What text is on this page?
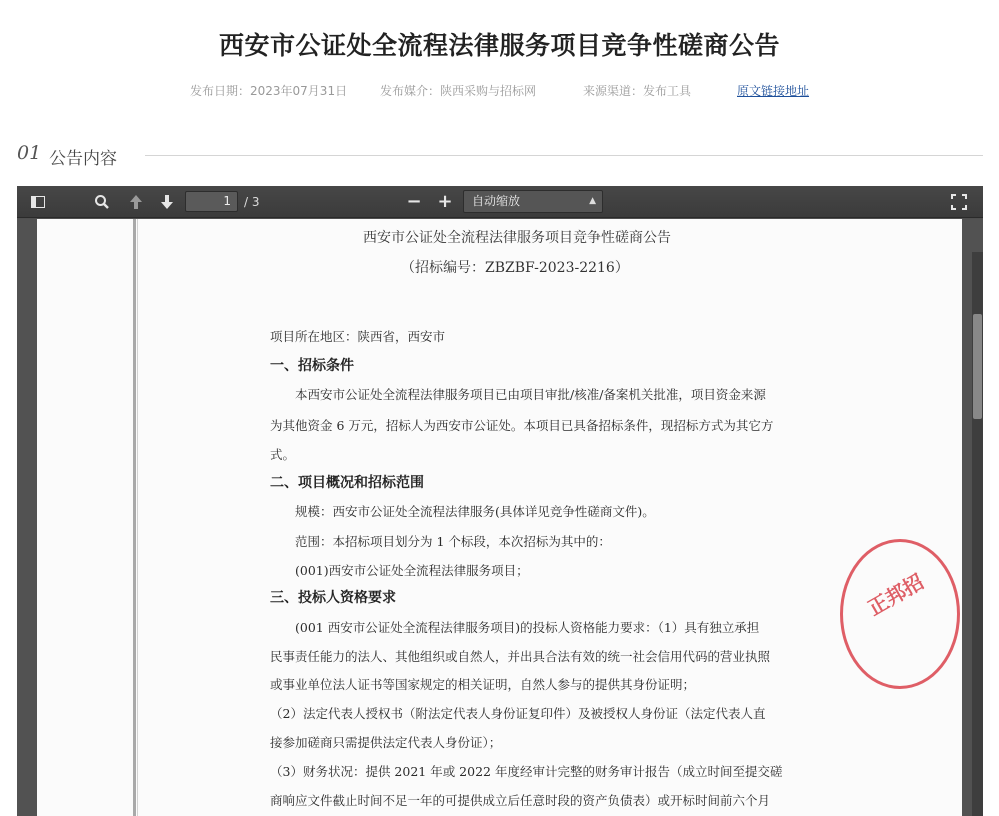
西安市公证处全流程法律服务项目竞争性磋商公告
发布日期：2023年07月31日	发布媒介：陕西采购与招标网	来源渠道：发布工具	原文链接地址
01 公告内容
1	/ 3	− +	自动缩放	▲

西安市公证处全流程法律服务项目竞争性磋商公告
（招标编号：ZBZBF-2023-2216）
项目所在地区：陕西省，西安市
一、招标条件
本西安市公证处全流程法律服务项目已由项目审批/核准/备案机关批准，项目资金来源
为其他资金 6 万元，招标人为西安市公证处。本项目已具备招标条件，现招标方式为其它方
式。
二、项目概况和招标范围
规模：西安市公证处全流程法律服务(具体详见竞争性磋商文件)。
范围：本招标项目划分为 1 个标段，本次招标为其中的：
(001)西安市公证处全流程法律服务项目；
三、投标人资格要求
(001 西安市公证处全流程法律服务项目)的投标人资格能力要求：（1）具有独立承担
民事责任能力的法人、其他组织或自然人，并出具合法有效的统一社会信用代码的营业执照
或事业单位法人证书等国家规定的相关证明，自然人参与的提供其身份证明；
（2）法定代表人授权书（附法定代表人身份证复印件）及被授权人身份证（法定代表人直
接参加磋商只需提供法定代表人身份证）；
（3）财务状况：提供 2021 年或 2022 年度经审计完整的财务审计报告（成立时间至提交磋
商响应文件截止时间不足一年的可提供成立后任意时段的资产负债表）或开标时间前六个月
正邦招
